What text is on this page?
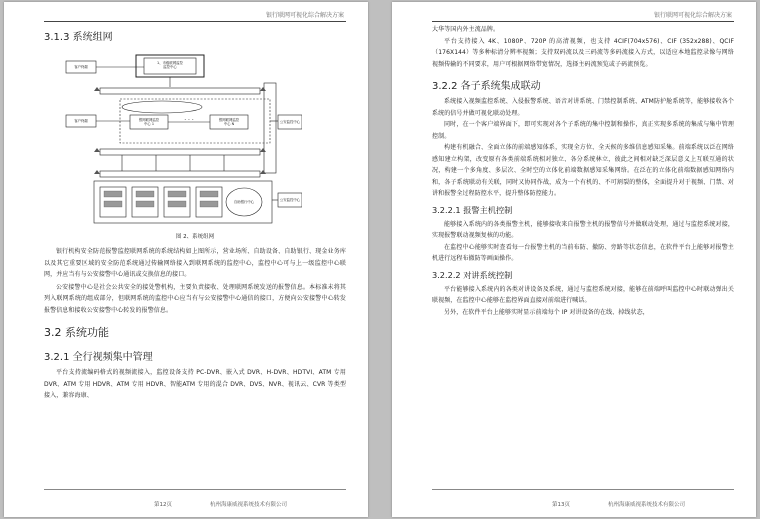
银行联网可视化综合解决方案
3.1.3 系统组网
客户终端
1、市级联网监控
监控中心
客户终端	银网联网监控
中心 1	· · ·	银网联网监控
中心 N	公安监控中心
公安监控中心
自助银行中心
图 2、系统组网

银行机构安全防范报警监控联网系统的系统结构如上图所示，营业场所、自助设备、自助银行、现金业务库以及其它重要区域的安全防范系统通过传输网络接入到联网系统的监控中心，监控中心可与上一级监控中心联网，并应当有与公安接警中心通讯或交换信息的接口。

公安接警中心是社会公共安全的接处警机构，主要负责接收、处理联网系统发送的报警信息。本标准未将其列入联网系统的组成部分，但联网系统的监控中心应当有与公安接警中心通信的接口，方便向公安接警中心转发报警信息和接收公安接警中心转发的报警信息。

3.2 系统功能
3.2.1 全行视频集中管理

平台支持流编码格式的视频流接入，监控设备支持 PC-DVR、嵌入式 DVR、H-DVR、HDTVI、ATM 专用 DVR、ATM 专用 HDVR、ATM 专用 HDVR、智能ATM 专用的混合 DVR、DVS、NVR、视讯云、CVR 等类型接入，兼容海康、

第12页	杭州海康威视系统技术有限公司
银行联网可视化综合解决方案

大华等国内外主流品牌。

平台支持接入 4K、1080P、720P 的高清视频，也支持 4CIF(704x576)、CIF (352x288)、QCIF（176X144）等多种标清分辨率视频；支持双码流以及三码流等多码流接入方式，以适应本地监控录像与网络视频传输的不同要求，用户可根据网络带宽情况，选择主码流预览或子码流预览。

3.2.2 各子系统集成联动

系统接入视频监控系统、入侵报警系统、语音对讲系统、门禁控制系统、ATM防护舱系统等，能够接收各个系统的信号并做可视化联动处理。

同时，在一个客户端界面下，即可实现对各个子系统的集中控制和操作，真正实现多系统的集成与集中管理控制。

构建有机融合、全面立体的前端感知体系，实现全方位、全天候的多维信息感知采集。前端系统以泛在网络感知建立构架，改变原有各类前端系统相对独立、各分系统林立，彼此之间相对缺乏深层意义上互联互通的状况，构建一个多角度、多层次、全时空的立体化前端数据感知采集网络。在泛在的立体化前端数据感知网络内和，各子系统联动有关联，同时又协同作战，成为一个有机的、不可割裂的整体，全面提升对于视频、门禁、对讲和报警全过程防控水平，提升整体防控能力。

3.2.2.1 报警主机控制

能够接入系统内的各类报警主机，能够接收来自报警主机的报警信号并做联动处理，通过与监控系统对接，实现报警联动视频复核的功能。

在监控中心能够实时查看每一台报警主机的当前布防、撤防、旁路等状态信息，在软件平台上能够对报警主机进行远程布撤防等画面操作。

3.2.2.2 对讲系统控制

平台能够接入系统内的各类对讲设备及系统，通过与监控系统对接，能够在前端呼叫监控中心时联动弹出关联视频，在监控中心能够在监控界面直接对前端进行喊话。

另外，在软件平台上能够实时显示前端每个 IP 对讲设备的在线、掉线状态，

第13页	杭州海康威视系统技术有限公司
